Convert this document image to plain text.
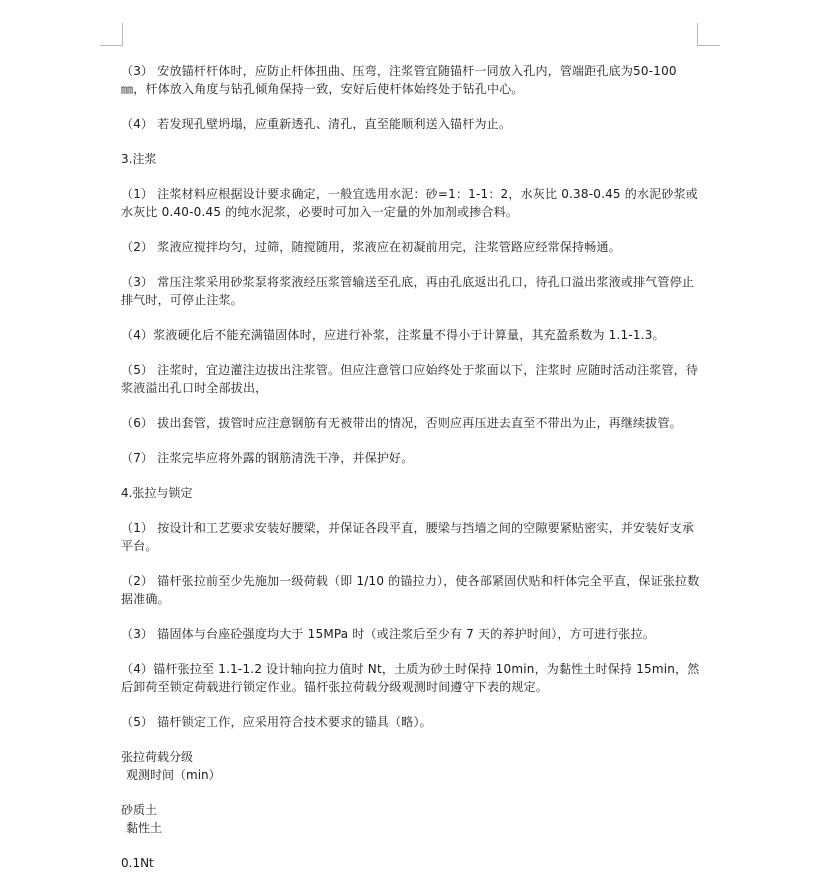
（3） 安放锚杆杆体时，应防止杆体扭曲、压弯，注浆管宜随锚杆一同放入孔内，管端距孔底为50-100㎜，杆体放入角度与钻孔倾角保持一致，安好后使杆体始终处于钻孔中心。

（4） 若发现孔壁坍塌，应重新透孔、清孔，直至能顺利送入锚杆为止。

3.注浆

（1） 注浆材料应根据设计要求确定，一般宜选用水泥：砂=1：1-1：2，水灰比 0.38-0.45 的水泥砂浆或水灰比 0.40-0.45 的纯水泥浆，必要时可加入一定量的外加剂或掺合料。

（2） 浆液应搅拌均匀，过筛，随搅随用，浆液应在初凝前用完，注浆管路应经常保持畅通。

（3） 常压注浆采用砂浆泵将浆液经压浆管输送至孔底，再由孔底返出孔口，待孔口溢出浆液或排气管停止排气时，可停止注浆。

（4）浆液硬化后不能充满锚固体时，应进行补浆，注浆量不得小于计算量，其充盈系数为 1.1-1.3。

（5） 注浆时，宜边灌注边拔出注浆管。但应注意管口应始终处于浆面以下，注浆时 应随时活动注浆管，待浆液溢出孔口时全部拔出，

（6） 拔出套管，拔管时应注意钢筋有无被带出的情况，否则应再压进去直至不带出为止，再继续拔管。

（7） 注浆完毕应将外露的钢筋清洗干净，并保护好。

4.张拉与锁定

（1） 按设计和工艺要求安装好腰梁，并保证各段平直，腰梁与挡墙之间的空隙要紧贴密实，并安装好支承平台。

（2） 锚杆张拉前至少先施加一级荷载（即 1/10 的锚拉力），使各部紧固伏贴和杆体完全平直，保证张拉数据准确。

（3） 锚固体与台座砼强度均大于 15MPa 时（或注浆后至少有 7 天的养护时间），方可进行张拉。

（4）锚杆张拉至 1.1-1.2 设计轴向拉力值时 Nt，土质为砂土时保持 10min，为黏性土时保持 15min，然后卸荷至锁定荷载进行锁定作业。锚杆张拉荷载分级观测时间遵守下表的规定。

（5） 锚杆锁定工作，应采用符合技术要求的锚具（略）。

张拉荷载分级

观测时间（min）

砂质土

黏性土

0.1Nt
